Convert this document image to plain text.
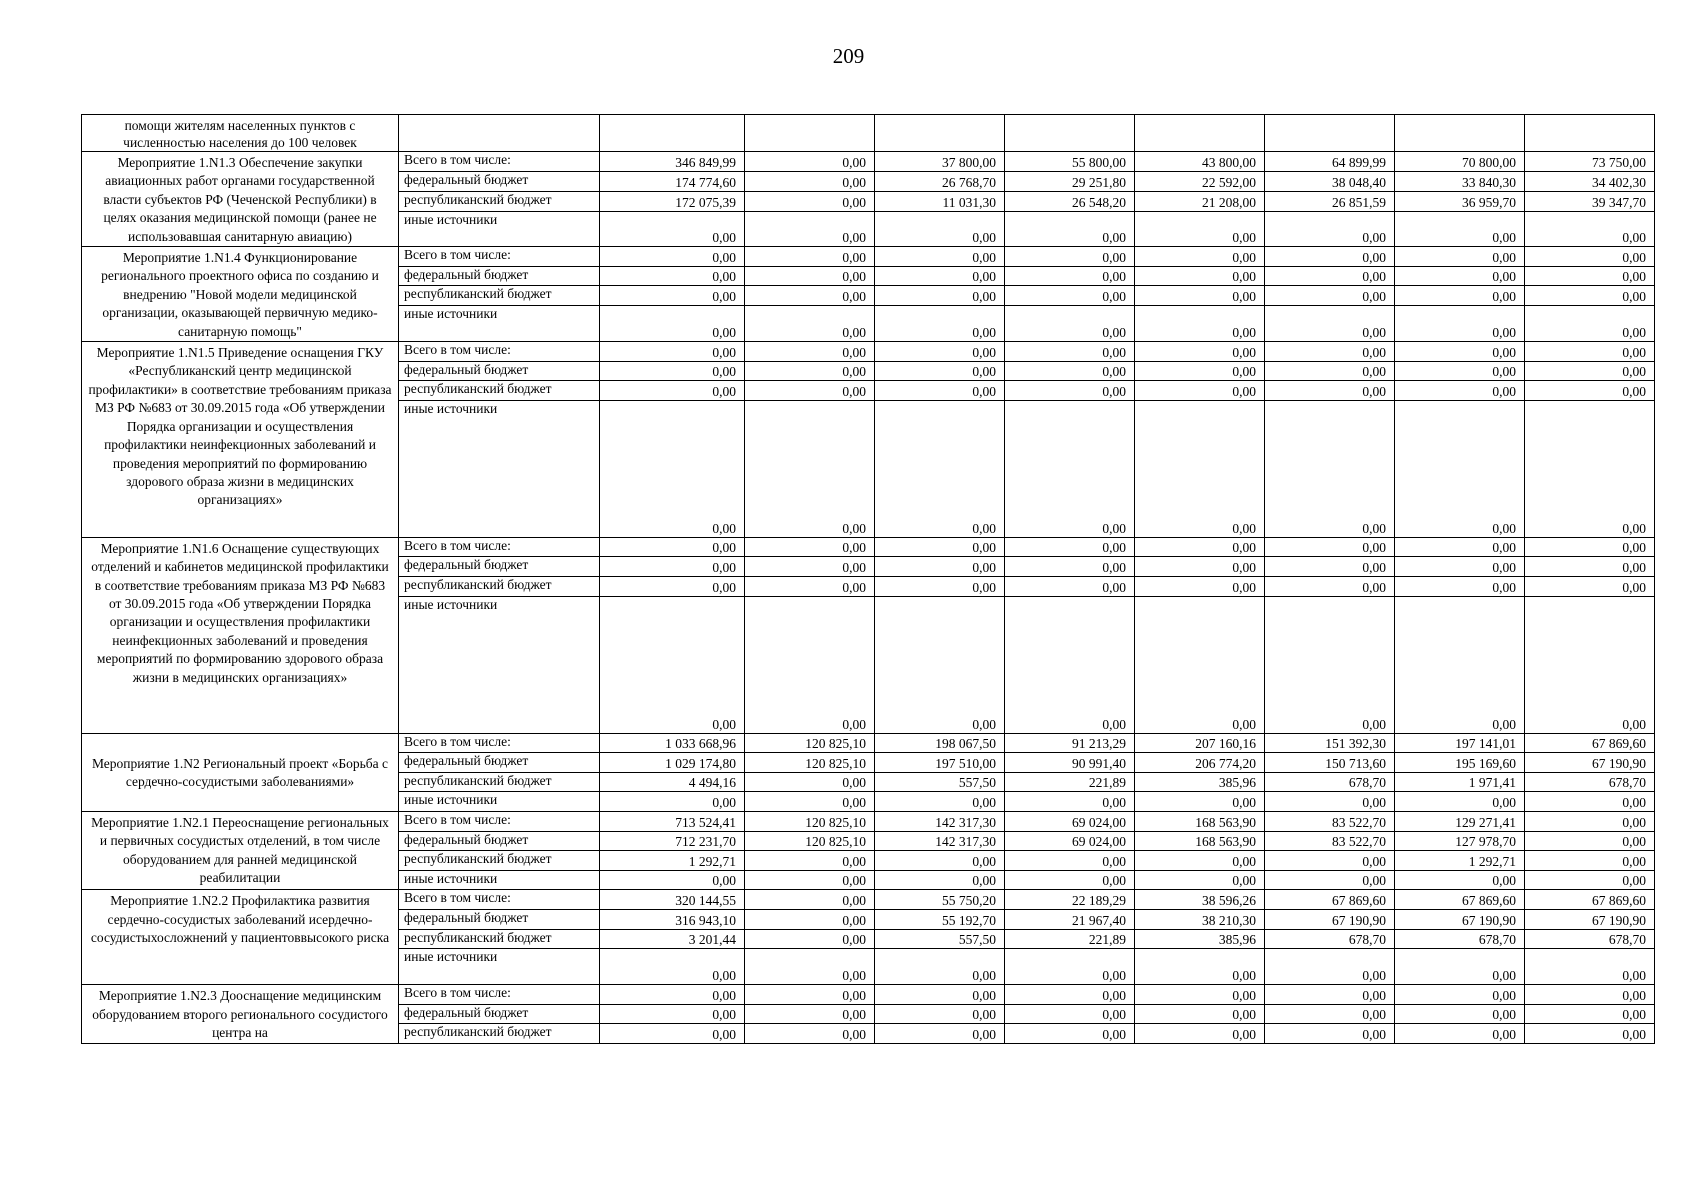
209
помощи жителям населенных пунктов с численностью населения до 100 человек									
Мероприятие 1.N1.3 Обеспечение закупки авиационных работ органами государственной власти субъектов РФ (Чеченской Республики) в целях оказания медицинской помощи (ранее не использовавшая санитарную авиацию)	Всего в том числе:	346 849,99	0,00	37 800,00	55 800,00	43 800,00	64 899,99	70 800,00	73 750,00
	федеральный бюджет	174 774,60	0,00	26 768,70	29 251,80	22 592,00	38 048,40	33 840,30	34 402,30
	республиканский бюджет	172 075,39	0,00	11 031,30	26 548,20	21 208,00	26 851,59	36 959,70	39 347,70
	иные источники	0,00	0,00	0,00	0,00	0,00	0,00	0,00	0,00
Мероприятие 1.N1.4 Функционирование регионального проектного офиса по созданию и внедрению "Новой модели медицинской организации, оказывающей первичную медико-санитарную помощь"	Всего в том числе:	0,00	0,00	0,00	0,00	0,00	0,00	0,00	0,00
	федеральный бюджет	0,00	0,00	0,00	0,00	0,00	0,00	0,00	0,00
	республиканский бюджет	0,00	0,00	0,00	0,00	0,00	0,00	0,00	0,00
	иные источники	0,00	0,00	0,00	0,00	0,00	0,00	0,00	0,00
Мероприятие 1.N1.5 Приведение оснащения ГКУ «Республиканский центр медицинской профилактики» в соответствие требованиям приказа МЗ РФ №683 от 30.09.2015 года «Об утверждении Порядка организации и осуществления профилактики неинфекционных заболеваний и проведения мероприятий по формированию здорового образа жизни в медицинских организациях»	Всего в том числе:	0,00	0,00	0,00	0,00	0,00	0,00	0,00	0,00
	федеральный бюджет	0,00	0,00	0,00	0,00	0,00	0,00	0,00	0,00
	республиканский бюджет	0,00	0,00	0,00	0,00	0,00	0,00	0,00	0,00
	иные источники	0,00	0,00	0,00	0,00	0,00	0,00	0,00	0,00
Мероприятие 1.N1.6 Оснащение существующих отделений и кабинетов медицинской профилактики в соответствие требованиям приказа МЗ РФ №683 от 30.09.2015 года «Об утверждении Порядка организации и осуществления профилактики неинфекционных заболеваний и проведения мероприятий по формированию здорового образа жизни в медицинских организациях»	Всего в том числе:	0,00	0,00	0,00	0,00	0,00	0,00	0,00	0,00
	федеральный бюджет	0,00	0,00	0,00	0,00	0,00	0,00	0,00	0,00
	республиканский бюджет	0,00	0,00	0,00	0,00	0,00	0,00	0,00	0,00
	иные источники	0,00	0,00	0,00	0,00	0,00	0,00	0,00	0,00
Мероприятие 1.N2 Региональный проект «Борьба с сердечно-сосудистыми заболеваниями»	Всего в том числе:	1 033 668,96	120 825,10	198 067,50	91 213,29	207 160,16	151 392,30	197 141,01	67 869,60
	федеральный бюджет	1 029 174,80	120 825,10	197 510,00	90 991,40	206 774,20	150 713,60	195 169,60	67 190,90
	республиканский бюджет	4 494,16	0,00	557,50	221,89	385,96	678,70	1 971,41	678,70
	иные источники	0,00	0,00	0,00	0,00	0,00	0,00	0,00	0,00
Мероприятие 1.N2.1 Переоснащение региональных и первичных сосудистых отделений, в том числе оборудованием для ранней медицинской реабилитации	Всего в том числе:	713 524,41	120 825,10	142 317,30	69 024,00	168 563,90	83 522,70	129 271,41	0,00
	федеральный бюджет	712 231,70	120 825,10	142 317,30	69 024,00	168 563,90	83 522,70	127 978,70	0,00
	республиканский бюджет	1 292,71	0,00	0,00	0,00	0,00	0,00	1 292,71	0,00
	иные источники	0,00	0,00	0,00	0,00	0,00	0,00	0,00	0,00
Мероприятие 1.N2.2 Профилактика развития сердечно-сосудистых заболеваний исердечно-сосудистыхосложнений у пациентоввысокого риска	Всего в том числе:	320 144,55	0,00	55 750,20	22 189,29	38 596,26	67 869,60	67 869,60	67 869,60
	федеральный бюджет	316 943,10	0,00	55 192,70	21 967,40	38 210,30	67 190,90	67 190,90	67 190,90
	республиканский бюджет	3 201,44	0,00	557,50	221,89	385,96	678,70	678,70	678,70
	иные источники	0,00	0,00	0,00	0,00	0,00	0,00	0,00	0,00
Мероприятие 1.N2.3 Дооснащение медицинским оборудованием второго регионального сосудистого центра на	Всего в том числе:	0,00	0,00	0,00	0,00	0,00	0,00	0,00	0,00
	федеральный бюджет	0,00	0,00	0,00	0,00	0,00	0,00	0,00	0,00
	республиканский бюджет	0,00	0,00	0,00	0,00	0,00	0,00	0,00	0,00
